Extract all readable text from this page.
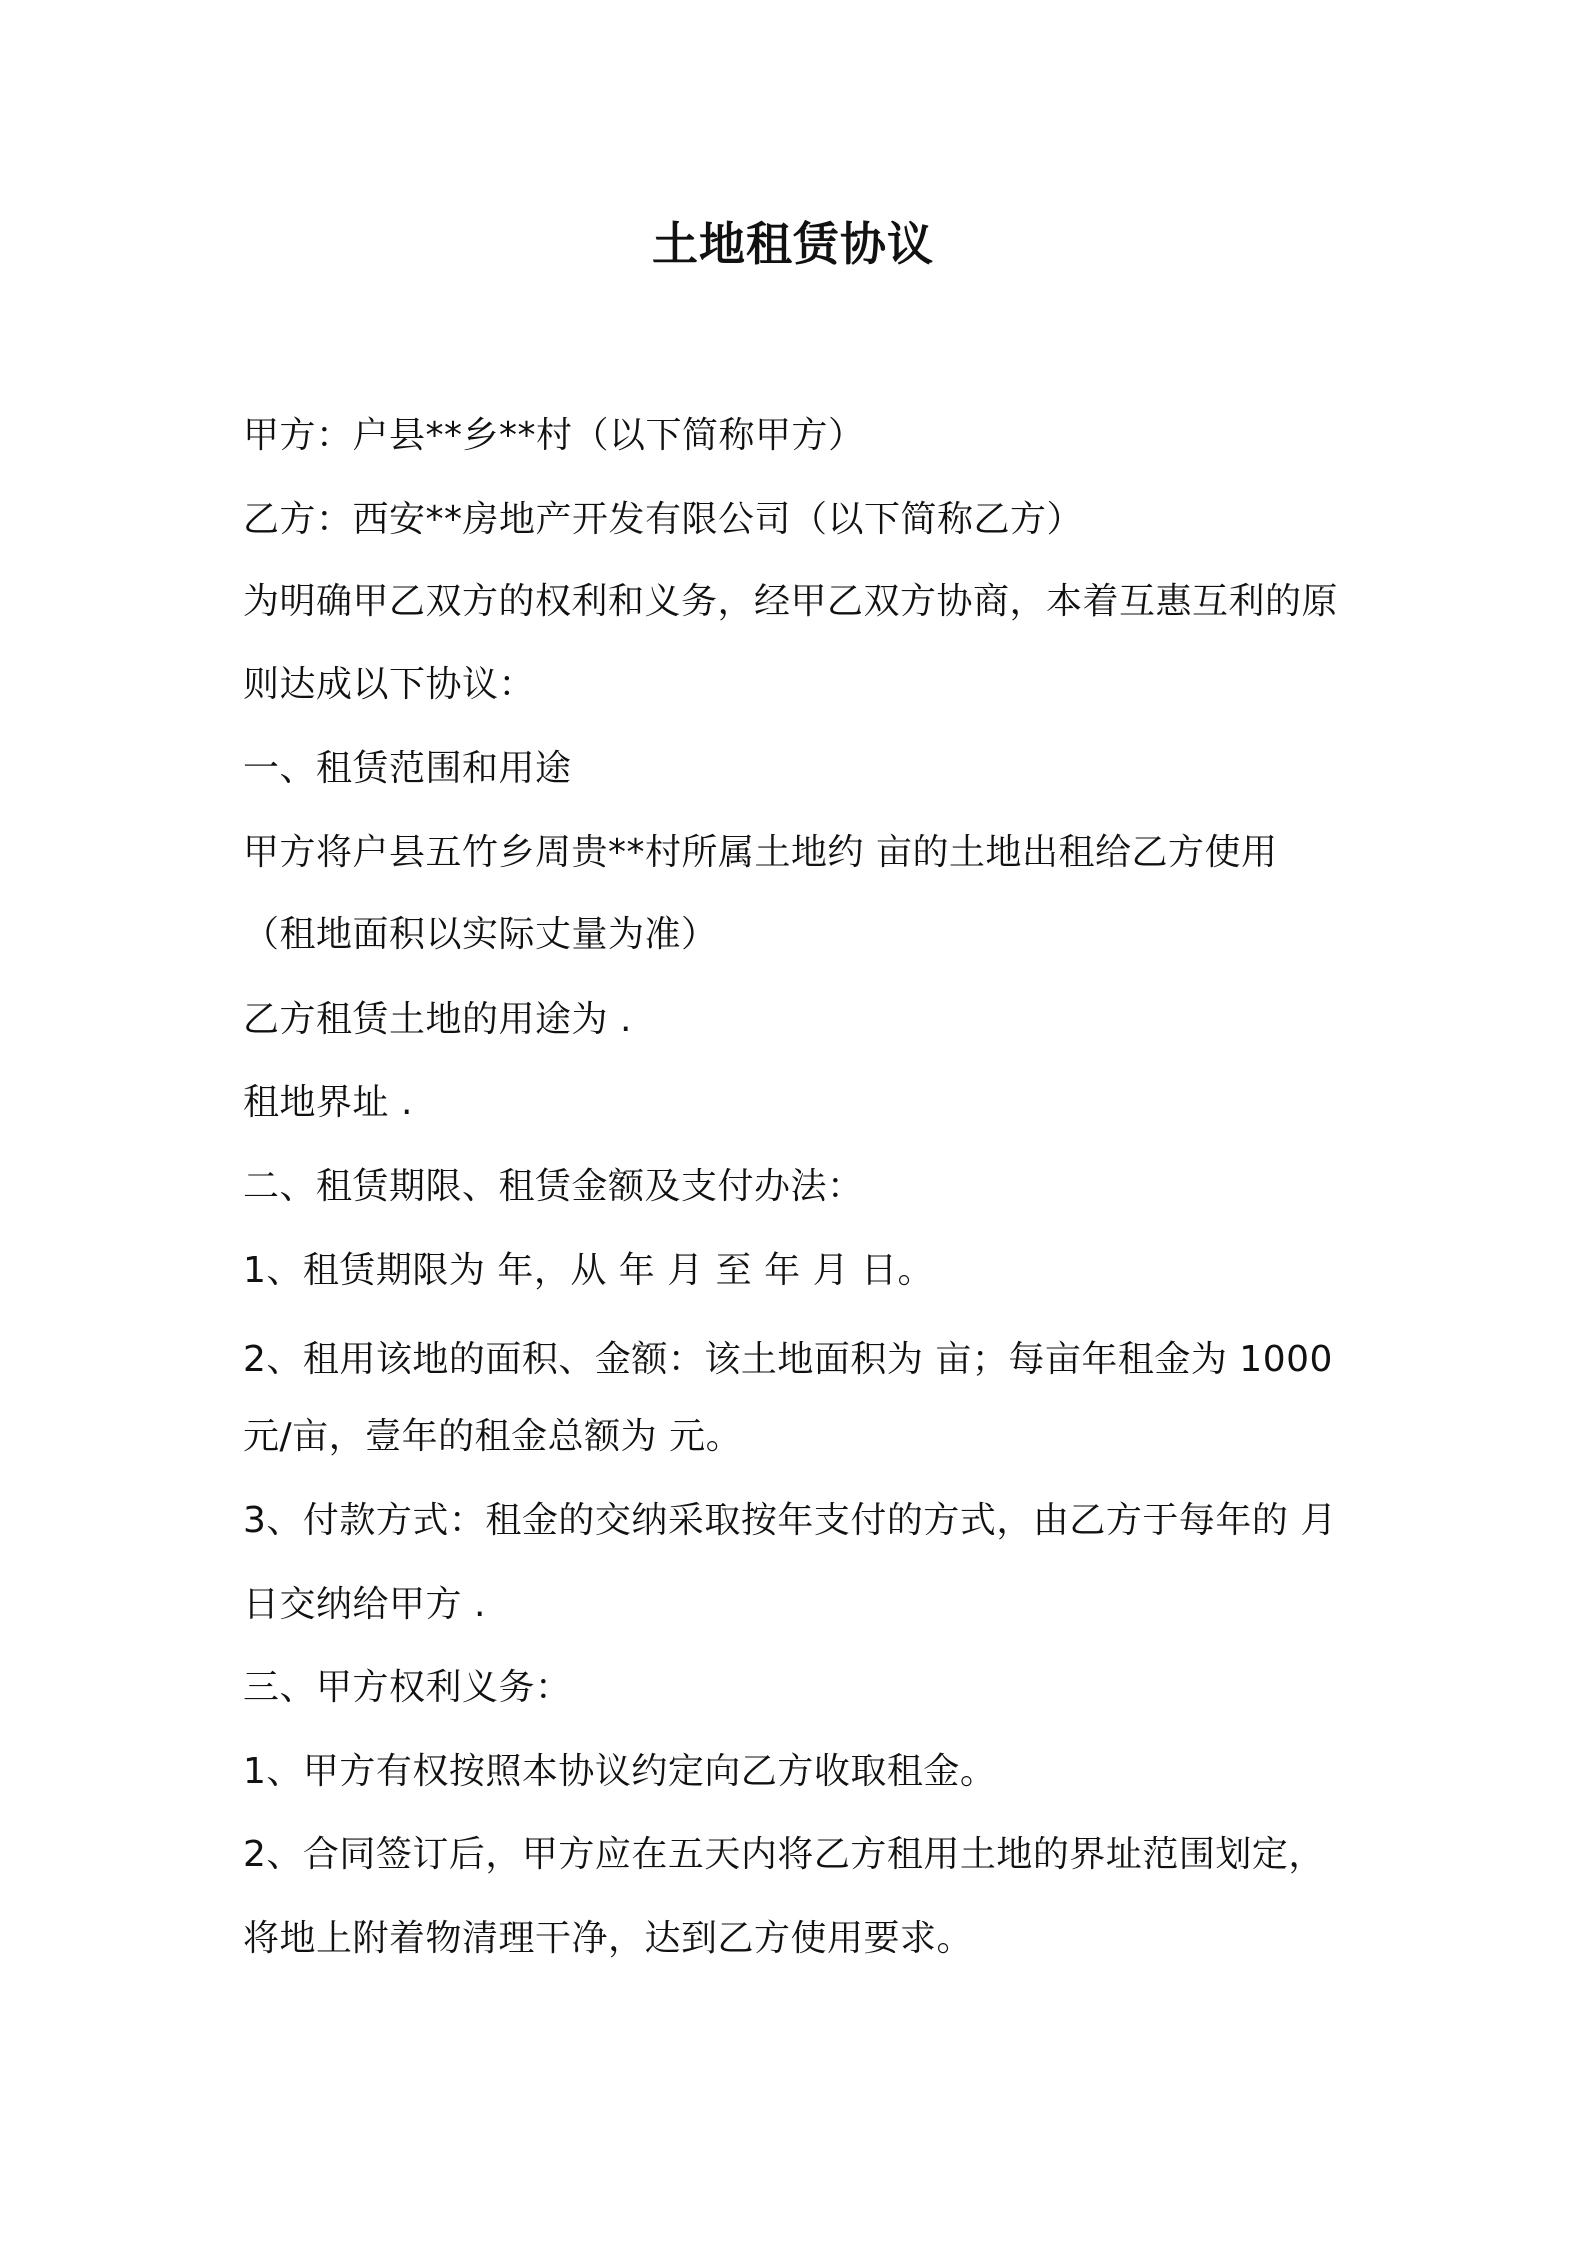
土地租赁协议
甲方：户县**乡**村（以下简称甲方）
乙方：西安**房地产开发有限公司（以下简称乙方）
为明确甲乙双方的权利和义务，经甲乙双方协商，本着互惠互利的原
则达成以下协议：
一、租赁范围和用途
甲方将户县五竹乡周贵**村所属土地约 亩的土地出租给乙方使用
（租地面积以实际丈量为准）
乙方租赁土地的用途为 .
租地界址 .
二、租赁期限、租赁金额及支付办法：
1、租赁期限为 年，从 年 月 至 年 月 日。
2、租用该地的面积、金额：该土地面积为 亩；每亩年租金为 1000
元/亩，壹年的租金总额为 元。
3、付款方式：租金的交纳采取按年支付的方式，由乙方于每年的 月
日交纳给甲方 .
三、甲方权利义务：
1、甲方有权按照本协议约定向乙方收取租金。
2、合同签订后，甲方应在五天内将乙方租用土地的界址范围划定，
将地上附着物清理干净，达到乙方使用要求。
